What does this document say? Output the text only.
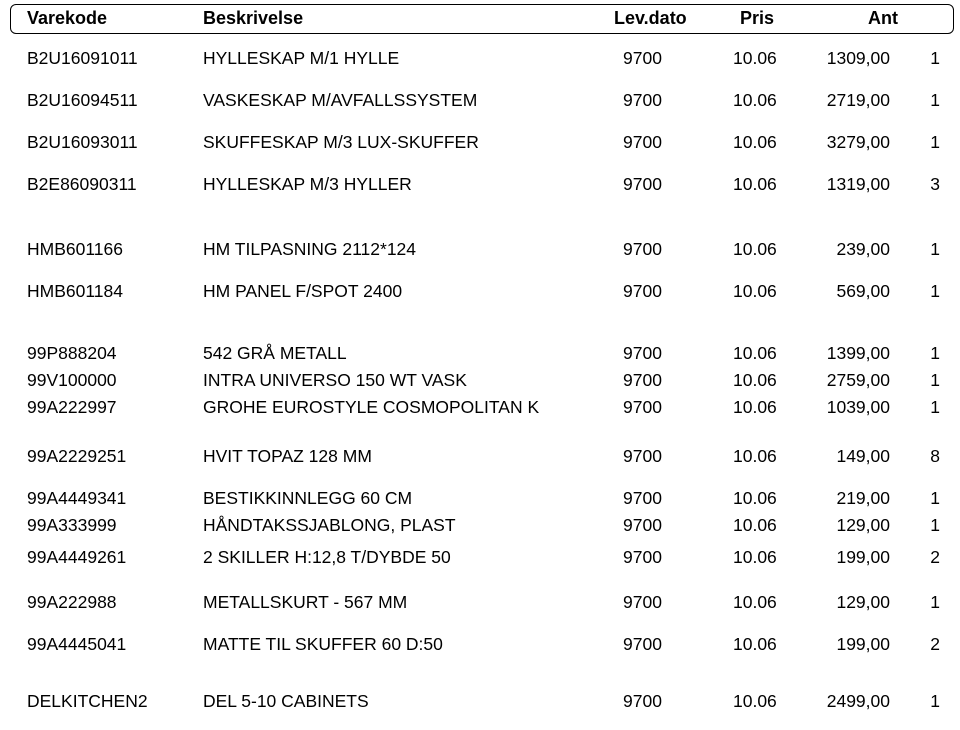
Varekode	Beskrivelse	Lev.dato	Pris	Ant
B2U16091011	HYLLESKAP M/1 HYLLE	9700	10.06	1309,00 1
B2U16094511	VASKESKAP M/AVFALLSSYSTEM	9700	10.06	2719,00 1
B2U16093011	SKUFFESKAP M/3 LUX-SKUFFER	9700	10.06	3279,00 1
B2E86090311	HYLLESKAP M/3 HYLLER	9700	10.06	1319,00 3
HMB601166	HM TILPASNING 2112*124	9700	10.06	239,00 1
HMB601184	HM PANEL F/SPOT 2400	9700	10.06	569,00 1
99P888204	542 GRÅ METALL	9700	10.06	1399,00 1
99V100000	INTRA UNIVERSO 150 WT VASK	9700	10.06	2759,00 1
99A222997	GROHE EUROSTYLE COSMOPOLITAN K	9700	10.06	1039,00 1
99A2229251	HVIT TOPAZ 128 MM	9700	10.06	149,00 8
99A4449341	BESTIKKINNLEGG 60 CM	9700	10.06	219,00 1
99A333999	HÅNDTAKSSJABLONG, PLAST	9700	10.06	129,00 1
99A4449261	2 SKILLER H:12,8 T/DYBDE 50	9700	10.06	199,00 2
99A222988	METALLSKURT - 567 MM	9700	10.06	129,00 1
99A4445041	MATTE TIL SKUFFER 60 D:50	9700	10.06	199,00 2
DELKITCHEN2	DEL 5-10 CABINETS	9700	10.06	2499,00 1
